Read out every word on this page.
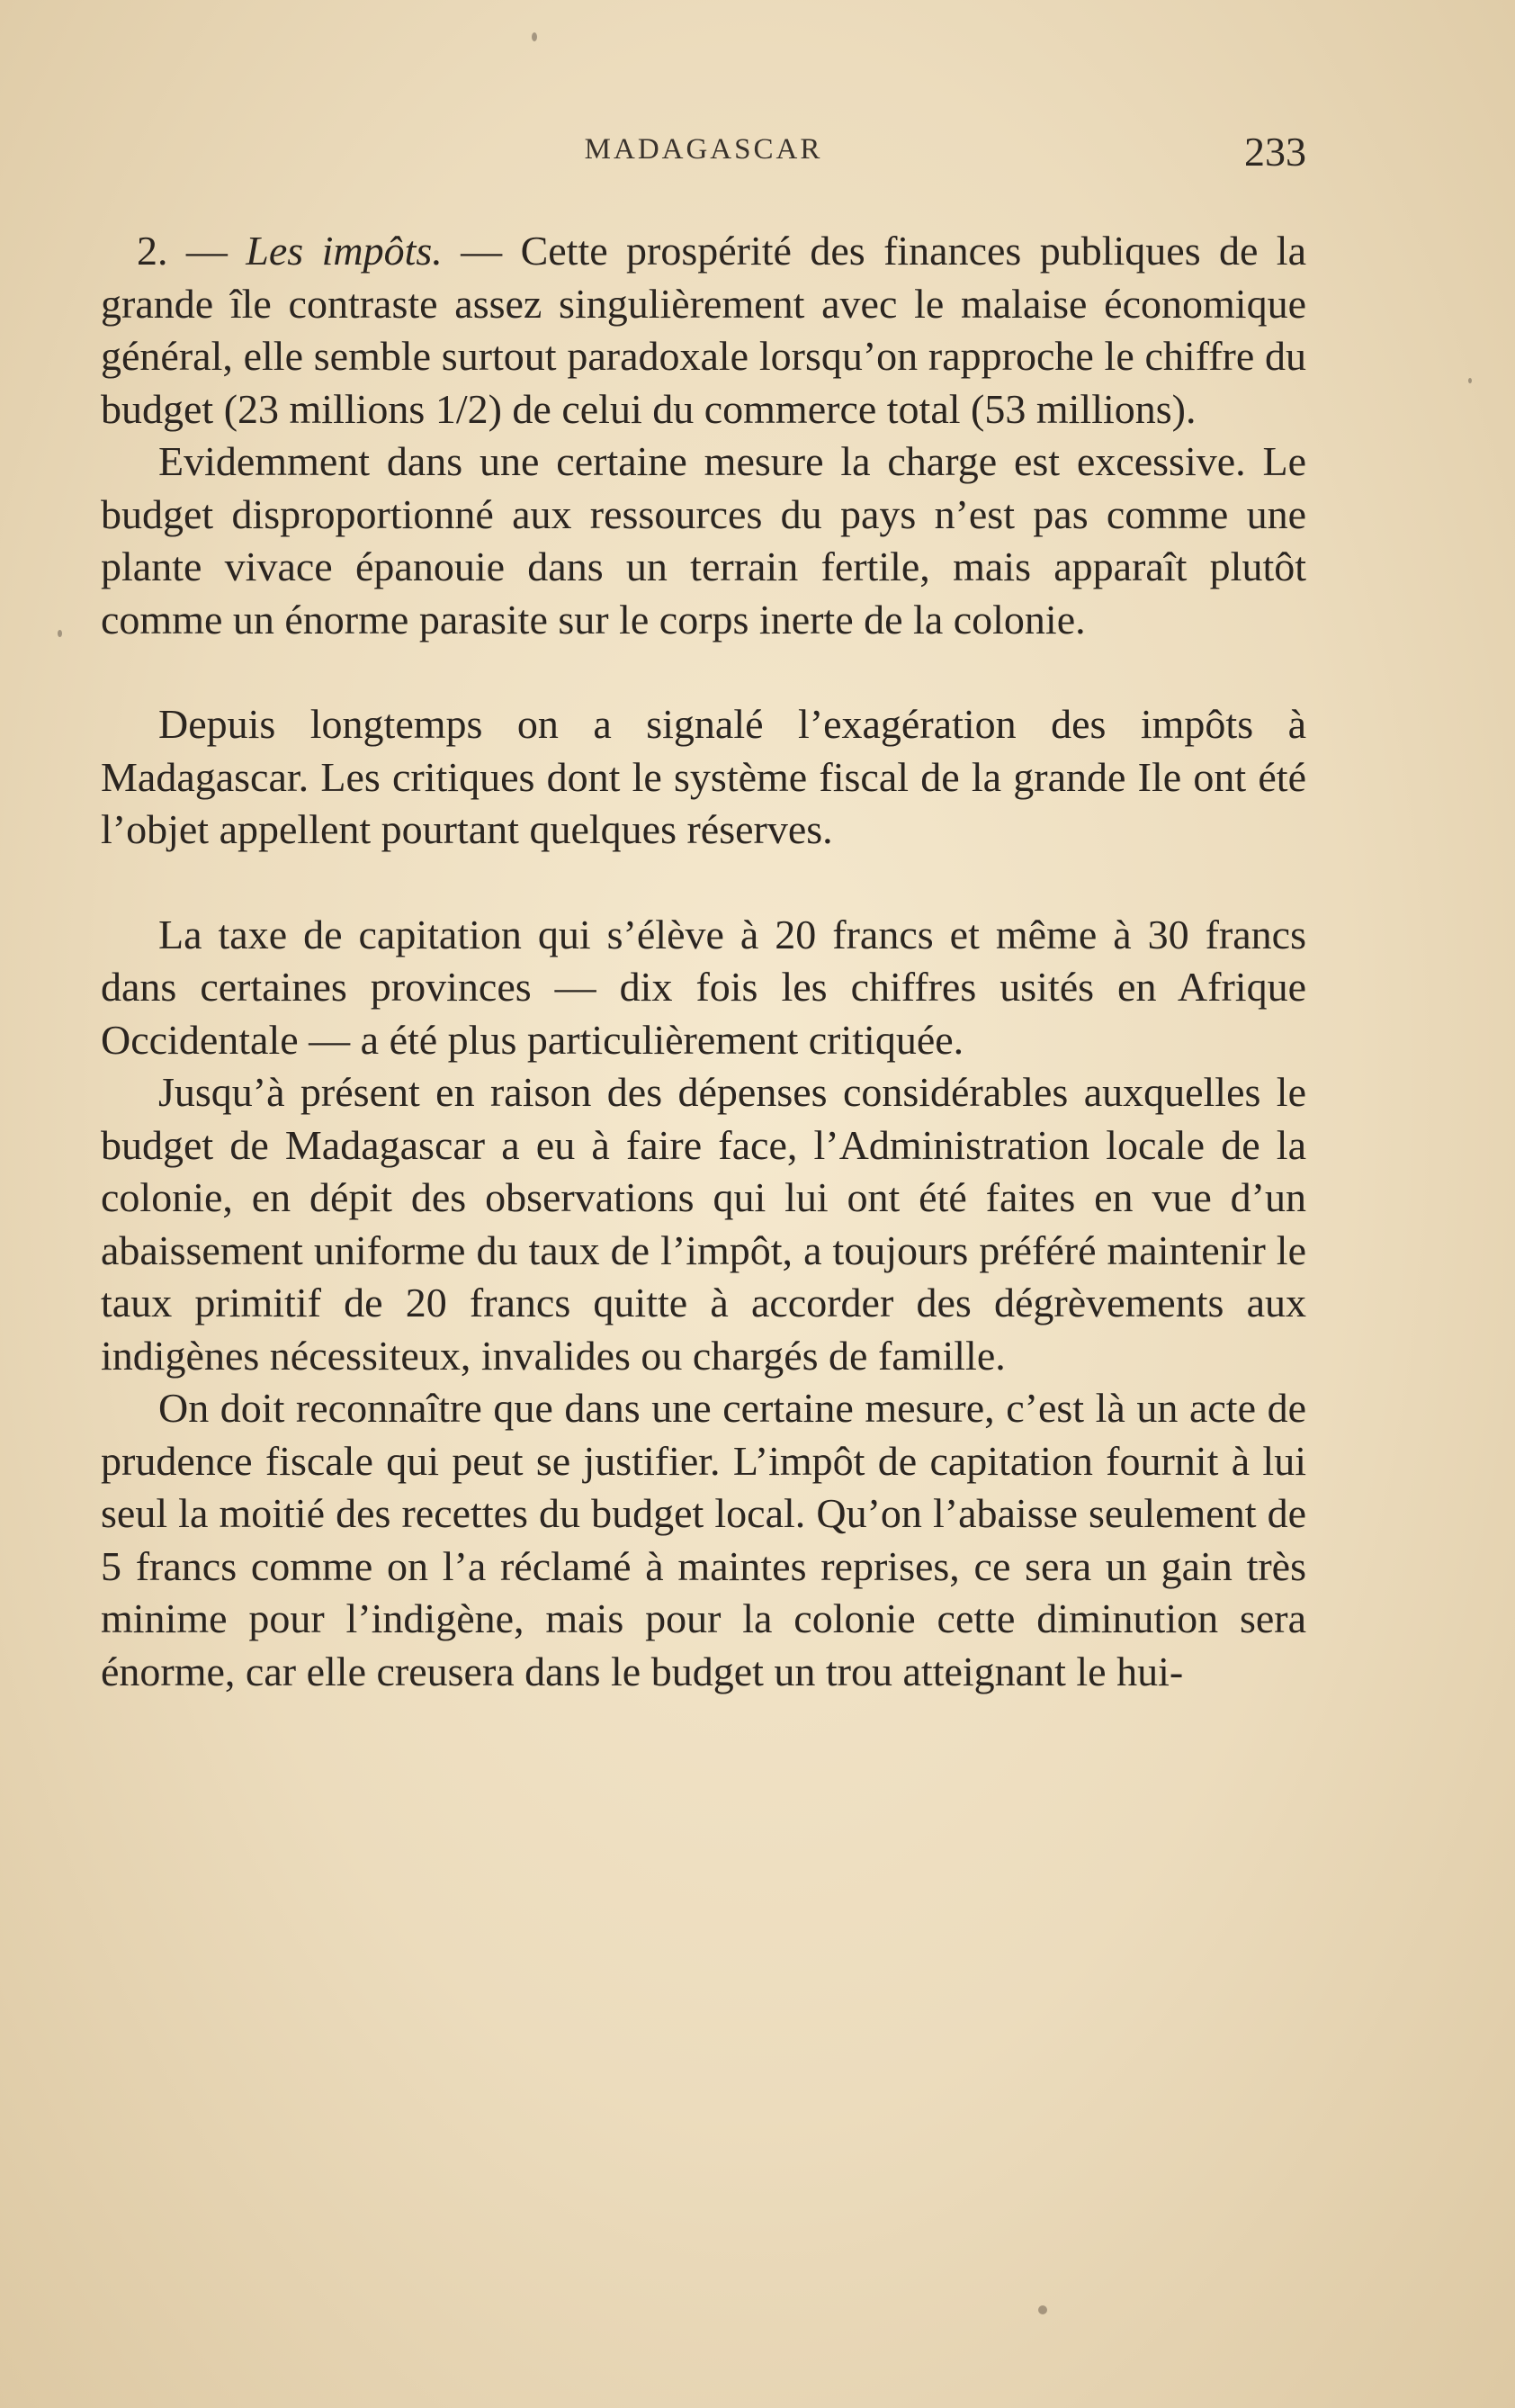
MADAGASCAR	233

2. — Les impôts. — Cette prospérité des finances publiques de la grande île contraste assez singulièrement avec le malaise économique général, elle semble surtout paradoxale lorsqu’on rapproche le chiffre du budget (23 millions 1/2) de celui du commerce total (53 millions).

Evidemment dans une certaine mesure la charge est excessive. Le budget disproportionné aux ressources du pays n’est pas comme une plante vivace épanouie dans un terrain fertile, mais apparaît plutôt comme un énorme parasite sur le corps inerte de la colonie.

Depuis longtemps on a signalé l’exagération des impôts à Madagascar. Les critiques dont le système fiscal de la grande Ile ont été l’objet appellent pourtant quelques réserves.

La taxe de capitation qui s’élève à 20 francs et même à 30 francs dans certaines provinces — dix fois les chiffres usités en Afrique Occidentale — a été plus particulièrement critiquée.

Jusqu’à présent en raison des dépenses considérables auxquelles le budget de Madagascar a eu à faire face, l’Administration locale de la colonie, en dépit des observations qui lui ont été faites en vue d’un abaissement uniforme du taux de l’impôt, a toujours préféré maintenir le taux primitif de 20 francs quitte à accorder des dégrèvements aux indigènes nécessiteux, invalides ou chargés de famille.

On doit reconnaître que dans une certaine mesure, c’est là un acte de prudence fiscale qui peut se justifier. L’impôt de capitation fournit à lui seul la moitié des recettes du budget local. Qu’on l’abaisse seulement de 5 francs comme on l’a réclamé à maintes reprises, ce sera un gain très minime pour l’indigène, mais pour la colonie cette diminution sera énorme, car elle creusera dans le budget un trou atteignant le hui-
